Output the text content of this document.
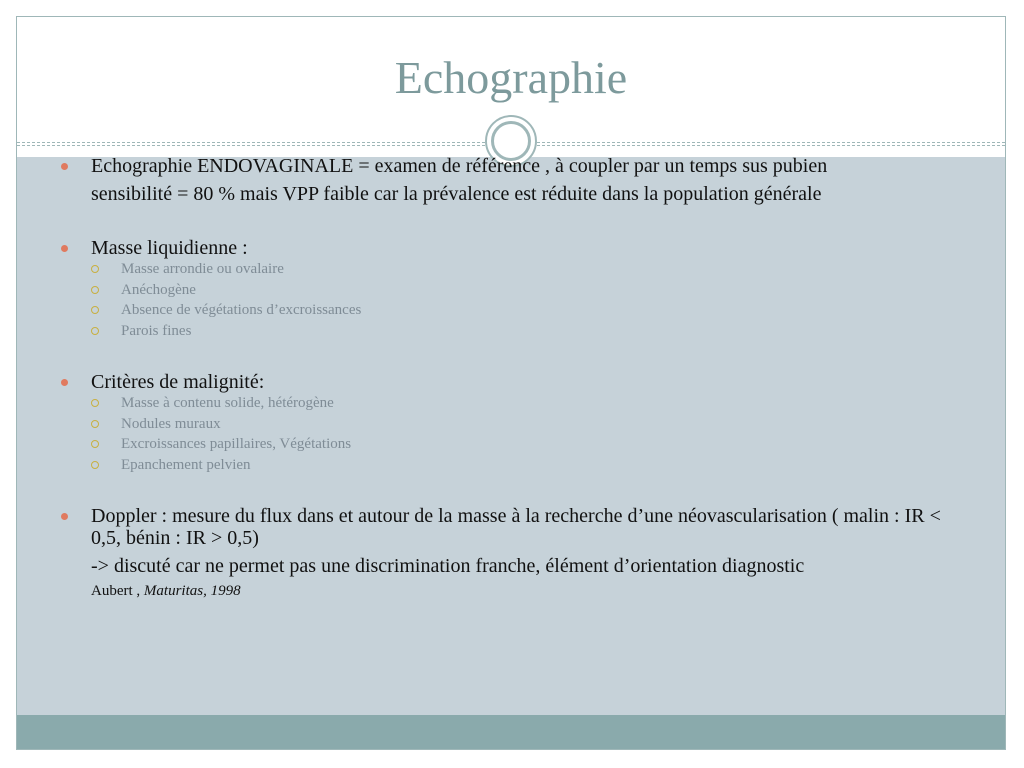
Echographie

Echographie ENDOVAGINALE = examen de référence , à coupler par un temps sus pubien

sensibilité = 80 % mais VPP faible car la prévalence est réduite dans la population générale

Masse liquidienne :

Masse arrondie ou ovalaire

Anéchogène

Absence de végétations d’excroissances

Parois fines

Critères de malignité:

Masse à contenu solide, hétérogène

Nodules muraux

Excroissances papillaires, Végétations

Epanchement pelvien

Doppler : mesure du flux dans et autour de la masse à la recherche d’une néovascularisation ( malin : IR < 0,5, bénin : IR > 0,5)

-> discuté car ne permet pas une discrimination franche, élément d’orientation diagnostic

Aubert , Maturitas, 1998
